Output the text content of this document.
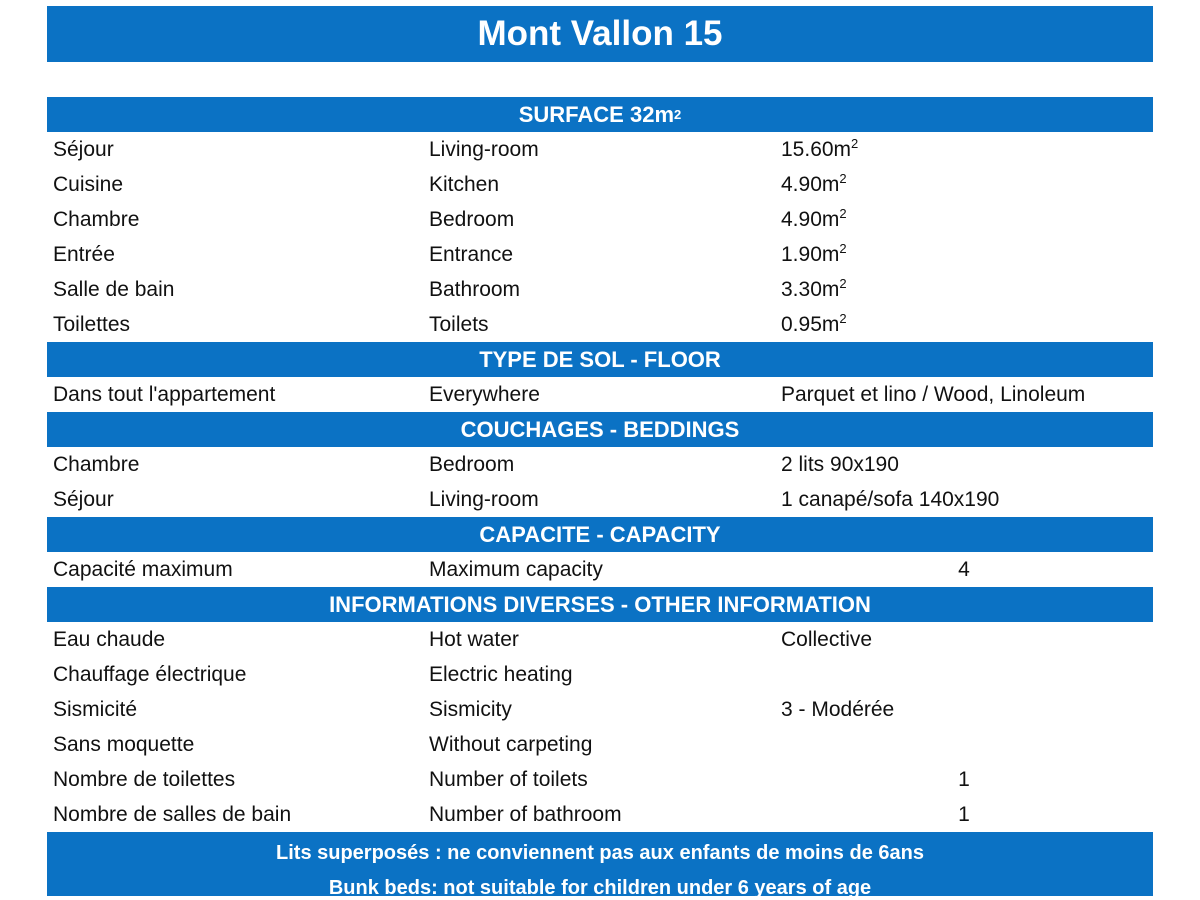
Mont Vallon 15
SURFACE 32m 2
Séjour	Living-room	$15.60m^2$
Cuisine	Kitchen	$4.90m^2$
Chambre	Bedroom	$4.90m^2$
Entrée	Entrance	$1.90m^2$
Salle de bain	Bathroom	$3.30m^2$
Toilettes	Toilets	$0.95m^2$
TYPE DE SOL - FLOOR
Dans tout l'appartement	Everywhere	Parquet et lino / Wood, Linoleum
COUCHAGES - BEDDINGS
Chambre	Bedroom	2 lits 90x190
Séjour	Living-room	1 canapé/sofa 140x190
CAPACITE - CAPACITY
Capacité maximum	Maximum capacity	4
INFORMATIONS DIVERSES - OTHER INFORMATION
Eau chaude	Hot water	Collective
Chauffage électrique	Electric heating
Sismicité	Sismicity	3 - Modérée
Sans moquette	Without carpeting
Nombre de toilettes	Number of toilets	1
Nombre de salles de bain	Number of bathroom	1
Lits superposés : ne conviennent pas aux enfants de moins de 6ans
Bunk beds: not suitable for children under 6 years of age
